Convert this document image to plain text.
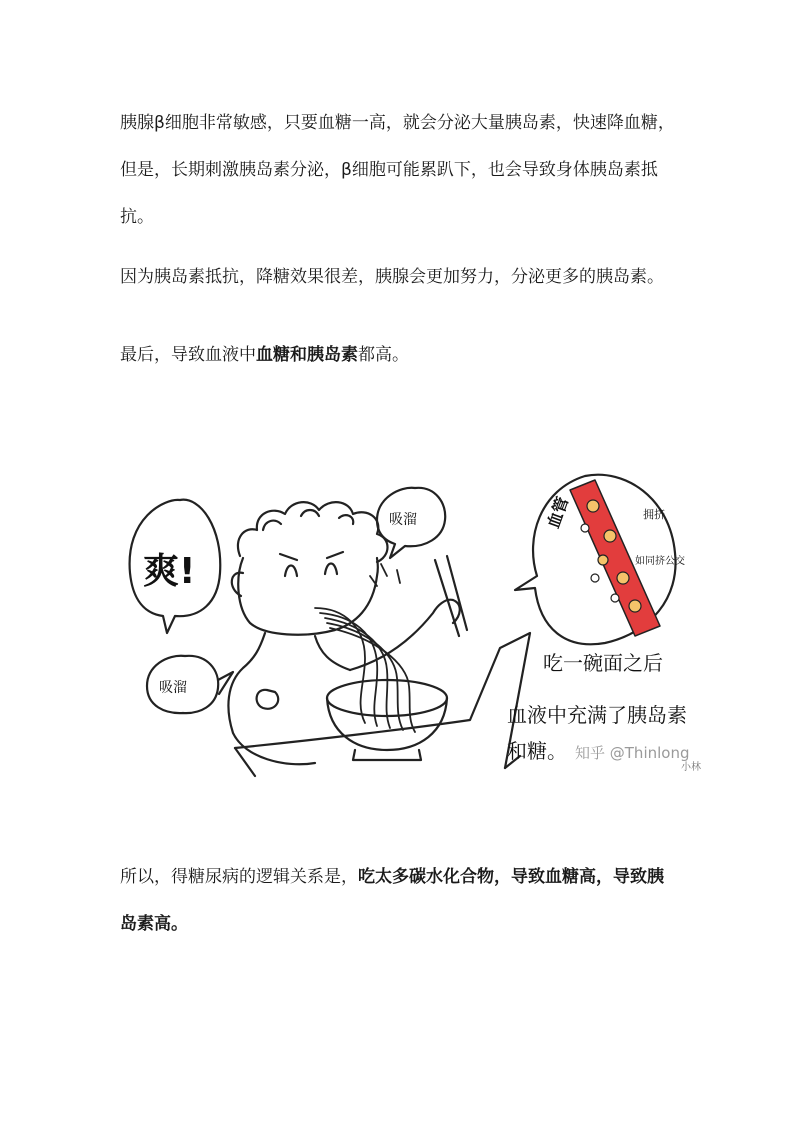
胰腺β细胞非常敏感，只要血糖一高，就会分泌大量胰岛素，快速降血糖，但是，长期刺激胰岛素分泌，β细胞可能累趴下，也会导致身体胰岛素抵抗。

因为胰岛素抵抗，降糖效果很差，胰腺会更加努力，分泌更多的胰岛素。

最后，导致血液中血糖和胰岛素都高。

爽!
吸溜
吸溜
血管	拥挤
如同挤公交
吃一碗面之后
血液中充满了胰岛素
和糖。 知乎 @Thinlong
小林

所以，得糖尿病的逻辑关系是，吃太多碳水化合物，导致血糖高，导致胰岛素高。
